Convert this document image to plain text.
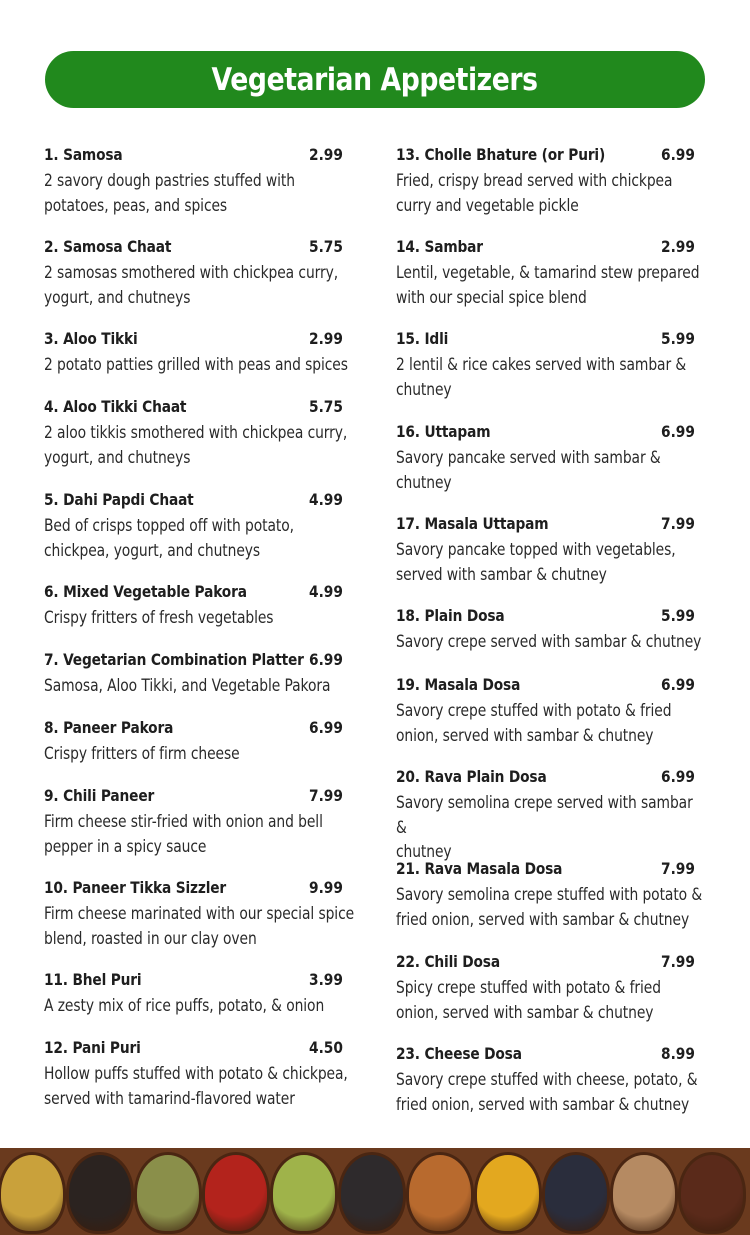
Vegetarian Appetizers
1. Samosa	2.99
2 savory dough pastries stuffed with
potatoes, peas, and spices
2. Samosa Chaat	5.75
2 samosas smothered with chickpea curry,
yogurt, and chutneys
3. Aloo Tikki	2.99
2 potato patties grilled with peas and spices
4. Aloo Tikki Chaat	5.75
2 aloo tikkis smothered with chickpea curry,
yogurt, and chutneys
5. Dahi Papdi Chaat	4.99
Bed of crisps topped off with potato,
chickpea, yogurt, and chutneys
6. Mixed Vegetable Pakora	4.99
Crispy fritters of fresh vegetables
7. Vegetarian Combination Platter 6.99
Samosa, Aloo Tikki, and Vegetable Pakora
8. Paneer Pakora	6.99
Crispy fritters of firm cheese
9. Chili Paneer	7.99
Firm cheese stir-fried with onion and bell
pepper in a spicy sauce
10. Paneer Tikka Sizzler	9.99
Firm cheese marinated with our special spice
blend, roasted in our clay oven
11. Bhel Puri	3.99
A zesty mix of rice puffs, potato, & onion
12. Pani Puri	4.50
Hollow puffs stuffed with potato & chickpea,
served with tamarind-flavored water
13. Cholle Bhature (or Puri)	6.99
Fried, crispy bread served with chickpea
curry and vegetable pickle
14. Sambar	2.99
Lentil, vegetable, & tamarind stew prepared
with our special spice blend
15. Idli	5.99
2 lentil & rice cakes served with sambar &
chutney
16. Uttapam	6.99
Savory pancake served with sambar &
chutney
17. Masala Uttapam	7.99
Savory pancake topped with vegetables,
served with sambar & chutney
18. Plain Dosa	5.99
Savory crepe served with sambar & chutney
19. Masala Dosa	6.99
Savory crepe stuffed with potato & fried
onion, served with sambar & chutney
20. Rava Plain Dosa	6.99
Savory semolina crepe served with sambar &
chutney
21. Rava Masala Dosa	7.99
Savory semolina crepe stuffed with potato &
fried onion, served with sambar & chutney
22. Chili Dosa	7.99
Spicy crepe stuffed with potato & fried
onion, served with sambar & chutney
23. Cheese Dosa	8.99
Savory crepe stuffed with cheese, potato, &
fried onion, served with sambar & chutney
